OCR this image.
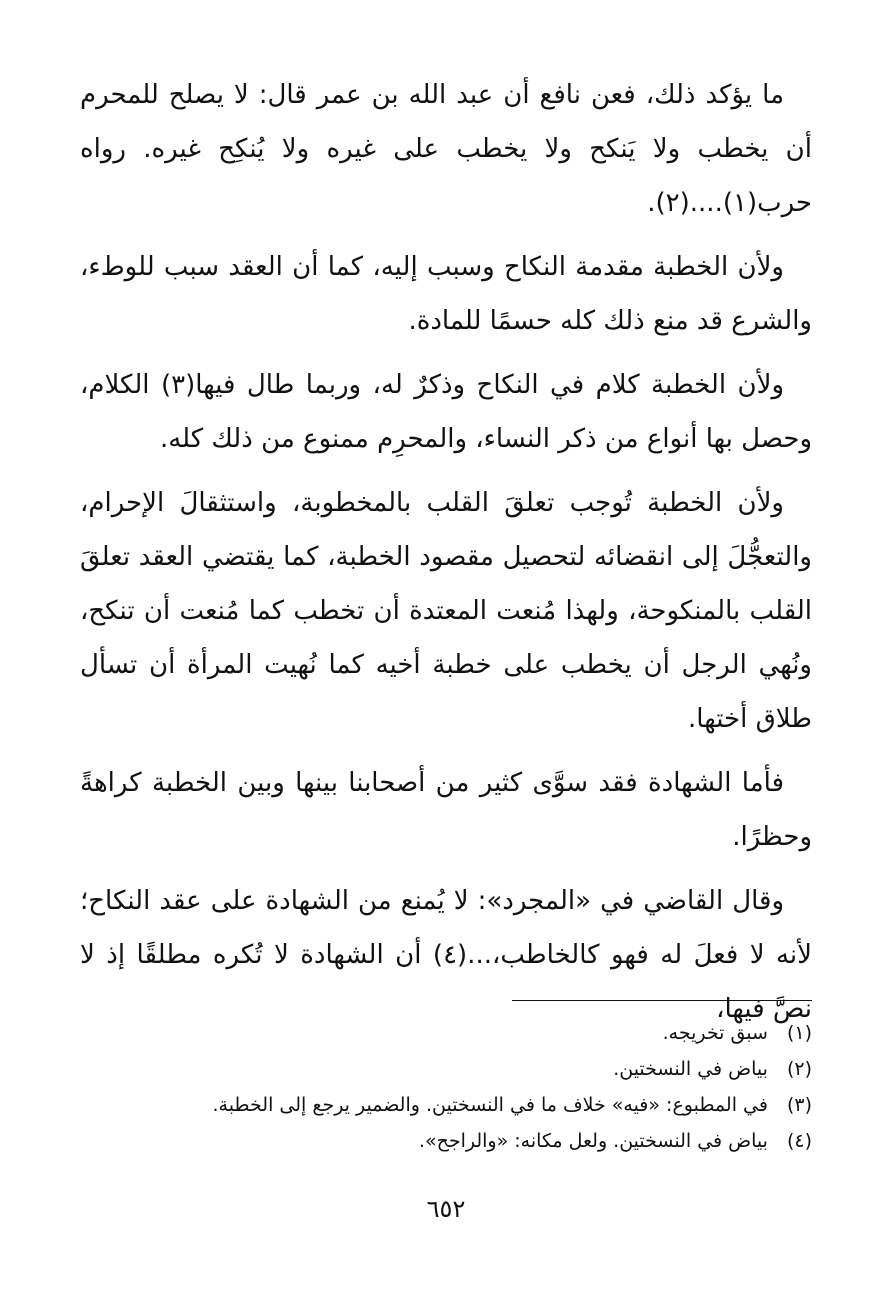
ما يؤكد ذلك، فعن نافع أن عبد الله بن عمر قال: لا يصلح للمحرم أن يخطب ولا يَنكح ولا يخطب على غيره ولا يُنكِح غيره. رواه حرب(١)....(٢).

ولأن الخطبة مقدمة النكاح وسبب إليه، كما أن العقد سبب للوطء، والشرع قد منع ذلك كله حسمًا للمادة.

ولأن الخطبة كلام في النكاح وذكرٌ له، وربما طال فيها(٣) الكلام، وحصل بها أنواع من ذكر النساء، والمحرِم ممنوع من ذلك كله.

ولأن الخطبة تُوجب تعلقَ القلب بالمخطوبة، واستثقالَ الإحرام، والتعجُّلَ إلى انقضائه لتحصيل مقصود الخطبة، كما يقتضي العقد تعلقَ القلب بالمنكوحة، ولهذا مُنعت المعتدة أن تخطب كما مُنعت أن تنكح، ونُهي الرجل أن يخطب على خطبة أخيه كما نُهيت المرأة أن تسأل طلاق أختها.

فأما الشهادة فقد سوَّى كثير من أصحابنا بينها وبين الخطبة كراهةً وحظرًا.

وقال القاضي في «المجرد»: لا يُمنع من الشهادة على عقد النكاح؛ لأنه لا فعلَ له فهو كالخاطب،...(٤) أن الشهادة لا تُكره مطلقًا إذ لا نصَّ فيها،

(١) سبق تخريجه.
(٢) بياض في النسختين.
(٣) في المطبوع: «فيه» خلاف ما في النسختين. والضمير يرجع إلى الخطبة.
(٤) بياض في النسختين. ولعل مكانه: «والراجح».
٦٥٢
